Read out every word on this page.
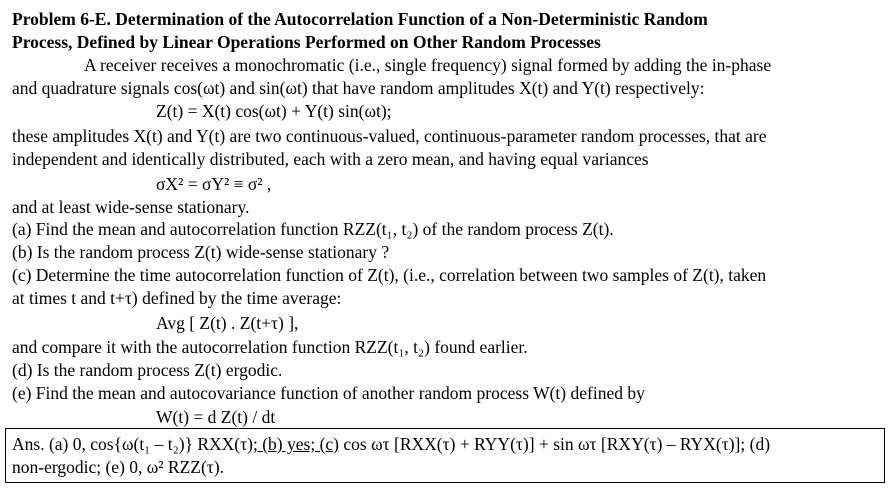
Problem 6-E. Determination of the Autocorrelation Function of a Non-Deterministic Random
Process, Defined by Linear Operations Performed on Other Random Processes
A receiver receives a monochromatic (i.e., single frequency) signal formed by adding the in-phase
and quadrature signals cos(ωt) and sin(ωt) that have random amplitudes X(t) and Y(t) respectively:
Z(t) = X(t) cos(ωt) + Y(t) sin(ωt);
these amplitudes X(t) and Y(t) are two continuous-valued, continuous-parameter random processes, that are
independent and identically distributed, each with a zero mean, and having equal variances
σX² = σY² ≡ σ² ,
and at least wide-sense stationary.
(a) Find the mean and autocorrelation function RZZ(t₁, t₂) of the random process Z(t).
(b) Is the random process Z(t) wide-sense stationary ?
(c) Determine the time autocorrelation function of Z(t), (i.e., correlation between two samples of Z(t), taken
at times t and t+τ) defined by the time average:
Avg [ Z(t) . Z(t+τ) ],
and compare it with the autocorrelation function RZZ(t₁, t₂) found earlier.
(d) Is the random process Z(t) ergodic.
(e) Find the mean and autocovariance function of another random process W(t) defined by
W(t) = d Z(t) / dt
Ans. (a) 0, cos{ω(t₁ – t₂)} RXX(τ); (b) yes; (c) cos ωτ [RXX(τ) + RYY(τ)] + sin ωτ [RXY(τ) – RYX(τ)]; (d)
non-ergodic; (e) 0, ω² RZZ(τ).
